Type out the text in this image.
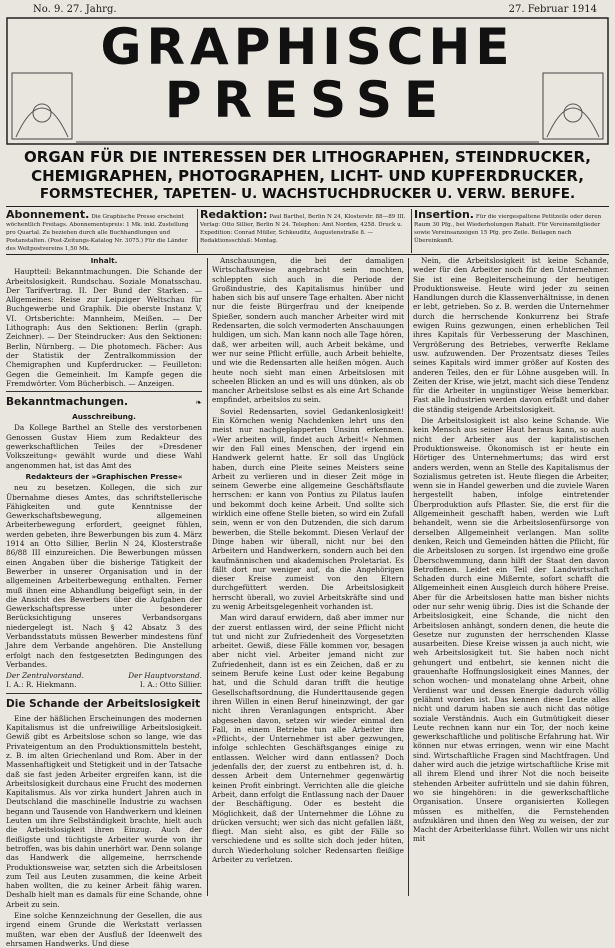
No. 9. 27. Jahrg.	27. Februar 1914
GRAPHISCHE
PRESSE
ORGAN FÜR DIE INTERESSEN DER LITHOGRAPHEN, STEINDRUCKER,
CHEMIGRAPHEN, PHOTOGRAPHEN, LICHT- UND KUPFERDRUCKER,
FORMSTECHER, TAPETEN- U. WACHSTUCHDRUCKER U. VERW. BERUFE.
Abonnement. Die Graphische Presse erscheint wöchentlich Freitags. Abonnementspreis: 1 Mk. inkl. Zustellung pro Quartal. Zu beziehen durch alle Buchhandlungen und Postanstalten. (Post-Zeitungs-Katalog Nr. 3075.) Für die Länder des Weltpostvereins 1,50 Mk.
Redaktion: Paul Barthel, Berlin N 24, Klosterstr. 88—89 III. Verlag: Otto Sillier, Berlin N 24. Telephon: Amt Norden, 4258. Druck u. Expedition: Conrad Müller, Schkeuditz, Augustenstraße 8. — Redaktionsschluß: Montag.
Insertion. Für die viergespaltene Petitzeile oder deren Raum 30 Pfg., bei Wiederholungen Rabatt. Für Vereinsmitglieder sowie Vereinsanzeigen 15 Pfg. pro Zeile. Beilagen nach Übereinkunft.

Inhalt.

Hauptteil: Bekanntmachungen. Die Schande der Arbeitslosigkeit. Rundschau. Soziale Monatsschau. Der Tarifvertrag. II. Der Bund der Starken. — Allgemeines: Reise zur Leipziger Weltschau für Buchgewerbe und Graphik. Die oberste Instanz V, VI. Ortsberichte: Mannheim, Meißen. — Der Lithograph: Aus den Sektionen: Berlin (graph. Zeichner). — Der Steindrucker: Aus den Sektionen: Berlin, Nürnberg. — Die photomech. Fächer: Aus der Statistik der Zentralkommission der Chemigraphen und Kupferdrucker. — Feuilleton: Gegen die Gemeinheit. Im Kampfe gegen die Fremdwörter. Vom Bücherbisch. — Anzeigen.

Bekanntmachungen.	❧

Ausschreibung.

Da Kollege Barthel an Stelle des verstorbenen Genossen Gustav Hiem zum Redakteur des gewerkschaftlichen Teiles der »Dresdener Volkszeitung« gewählt wurde und diese Wahl angenommen hat, ist das Amt des

Redakteurs der »Graphischen Presse«

neu zu besetzen. Kollegen, die sich zur Übernahme dieses Amtes, das schriftstellerische Fähigkeiten und gute Kenntnisse der Gewerkschaftsbewegung, allgemeinen Arbeiterbewegung erfordert, geeignet fühlen, werden gebeten, ihre Bewerbungen bis zum 4. März 1914 an Otto Sillier, Berlin N 24, Klosterstraße 86/88 III einzureichen. Die Bewerbungen müssen einen Angaben über die bisherige Tätigkeit der Bewerber in unserer Organisation und in der allgemeinen Arbeiterbewegung enthalten. Ferner muß ihnen eine Abhandlung beigefügt sein, in der die Ansicht des Bewerbers über die Aufgaben der Gewerkschaftspresse unter besonderer Berücksichtigung unseres Verbandsorgans niedergelegt ist. Nach § 42 Absatz 3 des Verbandsstatuts müssen Bewerber mindestens fünf Jahre dem Verbande angehören. Die Anstellung erfolgt nach den festgesetzten Bedingungen des Verbandes.

Der Zentralvorstand.	Der Hauptvorstand.
I. A.: R. Hiekmann.	I. A.: Otto Sillier.
Die Schande der Arbeitslosigkeit

Eine der häßlichen Erscheinungen des modernen Kapitalismus ist die unfreiwillige Arbeitslosigkeit. Gewiß gibt es Arbeitslose schon so lange, wie das Privateigentum an den Produktionsmitteln besteht, z. B. im alten Griechenland und Rom. Aber in der Massenhaftigkeit und Stetigkeit und in der Tatsache daß sie fast jeden Arbeiter ergreifen kann, ist die Arbeitslosigkeit durchaus eine Frucht des modernen Kapitalismus. Als vor zirka hundert Jahren auch in Deutschland die maschinelle Industrie zu wachsen begann und Tausende von Handwerkern und kleinen Leuten um ihre Selbständigkeit brachte, hielt auch die Arbeitslosigkeit ihren Einzug. Auch der fleißigste und tüchtigste Arbeiter wurde von ihr betroffen, was bis dahin unerhört war. Denn solange das Handwerk die allgemeine, herrschende Produktionsweise war, setzten sich die Arbeitslosen zum Teil aus Leuten zusammen, die keine Arbeit haben wollten, die zu keiner Arbeit fähig waren. Deshalb hielt man es damals für eine Schande, ohne Arbeit zu sein.

Eine solche Kennzeichnung der Gesellen, die aus irgend einem Grunde die Werkstatt verlassen mußten, war eben der Ausfluß der Ideenwelt des ehrsamen Handwerks. Und diese

Anschauungen, die bei der damaligen Wirtschaftsweise angebracht sein mochten, schleppten sich auch in die Periode der Großindustrie, des Kapitalismus hinüber und haben sich bis auf unsere Tage erhalten. Aber nicht nur die feiste Bürgerfrau und der kneipende Spießer, sondern auch mancher Arbeiter wird mit Redensarten, die solch vermoderten Anschauungen huldigen, um sich. Man kann noch alle Tage hören, daß, wer arbeiten will, auch Arbeit bekäme, und wer nur seine Pflicht erfülle, auch Arbeit behielte, und wie die Redensarten alle heißen mögen. Auch heute noch sieht man einen Arbeitslosen mit scheelen Blicken an und es will uns dünken, als ob mancher Arbeitslose selbst es als eine Art Schande empfindet, arbeitslos zu sein.

Soviel Redensarten, soviel Gedankenlosigkeit! Ein Körnchen wenig Nachdenken lehrt uns den meist nur nachgeplapperten Unsinn erkennen. »Wer arbeiten will, findet auch Arbeit!« Nehmen wir den Fall eines Menschen, der irgend ein Handwerk gelernt hatte. Er soll das Unglück haben, durch eine Pleite seines Meisters seine Arbeit zu verlieren und in dieser Zeit möge in seinem Gewerbe eine allgemeine Geschäftsflaute herrschen: er kann von Pontius zu Pilatus laufen und bekommt doch keine Arbeit. Und sollte sich wirklich eine offene Stelle bieten, so wird ein Zufall sein, wenn er von den Dutzenden, die sich darum bewerben, die Stelle bekommt. Diesen Verlauf der Dinge haben wir überall, nicht nur bei den Arbeitern und Handwerkern, sondern auch bei den kaufmännischen und akademischen Proletariat. Es fällt dort nur weniger auf, da die Angehörigen dieser Kreise zumeist von den Eltern durchgefüttert werden. Die Arbeitslosigkeit herrscht überall, wo zuviel Arbeitskräfte sind und zu wenig Arbeitsgelegenheit vorhanden ist.

Man wird darauf erwidern, daß aber immer nur der zuerst entlassen wird, der seine Pflicht nicht tut und nicht zur Zufriedenheit des Vorgesetzten arbeitet. Gewiß, diese Fälle kommen vor, besagen aber nicht viel. Arbeiter jemand nicht zur Zufriedenheit, dann ist es ein Zeichen, daß er zu seinem Berufe keine Lust oder keine Begabung hat, und die Schuld daran trifft die heutige Gesellschaftsordnung, die Hunderttausende gegen ihren Willen in einen Beruf hineinzwingt, der gar nicht ihren Veranlagungen entspricht. Aber abgesehen davon, setzen wir wieder einmal den Fall, in einem Betriebe tun alle Arbeiter ihre »Pflicht«, der Unternehmer ist aber gezwungen, infolge schlechten Geschäftsganges einige zu entlassen. Welcher wird dann entlassen? Doch jedenfalls der, der zuerst zu entbehren ist, d. h. dessen Arbeit dem Unternehmer gegenwärtig keinen Profit einbringt. Verrichten alle die gleiche Arbeit, dann erfolgt die Entlassung nach der Dauer der Beschäftigung. Oder es besteht die Möglichkeit, daß der Unternehmer die Löhne zu drücken versucht; wer sich das nicht gefallen läßt, fliegt. Man sieht also, es gibt der Fälle so verschiedene und es sollte sich doch jeder hüten, durch Wiederholung solcher Redensarten fleißige Arbeiter zu verletzen.

Nein, die Arbeitslosigkeit ist keine Schande, weder für den Arbeiter noch für den Unternehmer. Sie ist eine Begleiterscheinung der heutigen Produktionsweise. Heute wird jeder zu seinen Handlungen durch die Klassenverhältnisse, in denen er lebt, getrieben. So z. B. werden die Unternehmer durch die herrschende Konkurrenz bei Strafe ewigen Ruins gezwungen, einen erheblichen Teil ihres Kapitals für Verbesserung der Maschinen, Vergrößerung des Betriebes, verwerfte Reklame usw. aufzuwenden. Der Prozentsatz dieses Teiles seines Kapitals wird immer größer auf Kosten des anderen Teiles, den er für Löhne ausgeben will. In Zeiten der Krise, wie jetzt, macht sich diese Tendenz für die Arbeiter in ungünstiger Weise bemerkbar. Fast alle Industrien werden davon erfaßt und daher die ständig steigende Arbeitslosigkeit.

Die Arbeitslosigkeit ist also keine Schande. Wie kein Mensch aus seiner Haut heraus kann, so auch nicht der Arbeiter aus der kapitalistischen Produktionsweise. Ökonomisch ist er heute ein Hörtiger des Unternehmertums; das wird erst anders werden, wenn an Stelle des Kapitalismus der Sozialismus getreten ist. Heute fliegen die Arbeiter, wenn sie in Handel gewerben und die zuviele Waren hergestellt haben, infolge eintretender Überproduktion aufs Pflaster. Sie, die erst für die Allgemeinheit geschafft haben, werden wie Luft behandelt, wenn sie die Arbeitslosenfürsorge von derselben Allgemeinheit verlangen. Man sollte denken, Reich und Gemeinden hätten die Pflicht, für die Arbeitslosen zu sorgen. Ist irgendwo eine große Überschwemmung, dann hilft der Staat den davon Betroffenen. Leidet ein Teil der Landwirtschaft Schaden durch eine Mißernte, sofort schafft die Allgemeinheit einen Ausgleich durch höhere Preise. Aber für die Arbeitslosen hatte man bisher nichts oder nur sehr wenig übrig. Dies ist die Schande der Arbeitslosigkeit, eine Schande, die nicht den Arbeitslosen anhängt, sondern denen, die heute die Gesetze nur zugunsten der herrschenden Klasse ausarbeiten. Diese Kreise wissen ja auch nicht, wie weh Arbeitslosigkeit tut. Sie haben noch nicht gehungert und entbehrt, sie kennen nicht die grauenhafte Hoffnungslosigkeit eines Mannes, der schon wochen- und monatelang ohne Arbeit, ohne Verdienst war und dessen Energie dadurch völlig gelähmt worden ist. Das kennen diese Leute alles nicht und darum haben sie auch nicht das nötige soziale Verständnis. Auch ein Gutmütigkeit dieser Leute rechnen kann nur ein Tor, der noch keine gewerkschaftliche und politische Erfahrung hat. Wir können nur etwas erringen, wenn wir eine Macht sind. Wirtschaftliche Fragen sind Machtfragen. Und daher wird auch die jetzige wirtschaftliche Krise mit all ihrem Elend und ihrer Not die noch beiseite stehenden Arbeiter aufrütteln und sie dahin führen, wo sie hingehören: in die gewerkschaftliche Organisation. Unsere organisierten Kollegen müssen es mithelfen, die Fernstehenden aufzuklären und ihnen den Weg zu weisen, der zur Macht der Arbeiterklasse führt. Wollen wir uns nicht mit
